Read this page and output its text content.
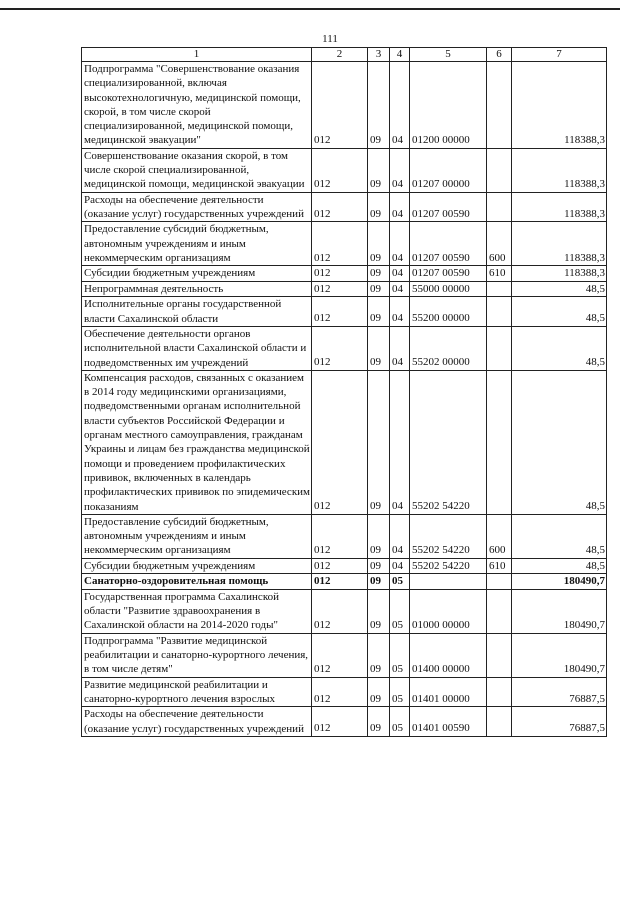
111
1	2	3	4	5	6	7
Подпрограмма "Совершенствование оказания специализированной, включая высокотехнологичную, медицинской помощи, скорой, в том числе скорой специализированной, медицинской помощи, медицинской эвакуации"	012	09	04	01200 00000		118388,3
Совершенствование оказания скорой, в том числе скорой специализированной, медицинской помощи, медицинской эвакуации	012	09	04	01207 00000		118388,3
Расходы на обеспечение деятельности (оказание услуг) государственных учреждений	012	09	04	01207 00590		118388,3
Предоставление субсидий бюджетным, автономным учреждениям и иным некоммерческим организациям	012	09	04	01207 00590	600	118388,3
Субсидии бюджетным учреждениям	012	09	04	01207 00590	610	118388,3
Непрограммная деятельность	012	09	04	55000 00000		48,5
Исполнительные органы государственной власти Сахалинской области	012	09	04	55200 00000		48,5
Обеспечение деятельности органов исполнительной власти Сахалинской области и подведомственных им учреждений	012	09	04	55202 00000		48,5
Компенсация расходов, связанных с оказанием в 2014 году медицинскими организациями, подведомственными органам исполнительной власти субъектов Российской Федерации и органам местного самоуправления, гражданам Украины и лицам без гражданства медицинской помощи и проведением профилактических прививок, включенных в календарь профилактических прививок по эпидемическим показаниям	012	09	04	55202 54220		48,5
Предоставление субсидий бюджетным, автономным учреждениям и иным некоммерческим организациям	012	09	04	55202 54220	600	48,5
Субсидии бюджетным учреждениям	012	09	04	55202 54220	610	48,5
Санаторно-оздоровительная помощь	012	09	05			180490,7
Государственная программа Сахалинской области "Развитие здравоохранения в Сахалинской области на 2014-2020 годы"	012	09	05	01000 00000		180490,7
Подпрограмма "Развитие медицинской реабилитации и санаторно-курортного лечения, в том числе детям"	012	09	05	01400 00000		180490,7
Развитие медицинской реабилитации и санаторно-курортного лечения взрослых	012	09	05	01401 00000		76887,5
Расходы на обеспечение деятельности (оказание услуг) государственных учреждений	012	09	05	01401 00590		76887,5
